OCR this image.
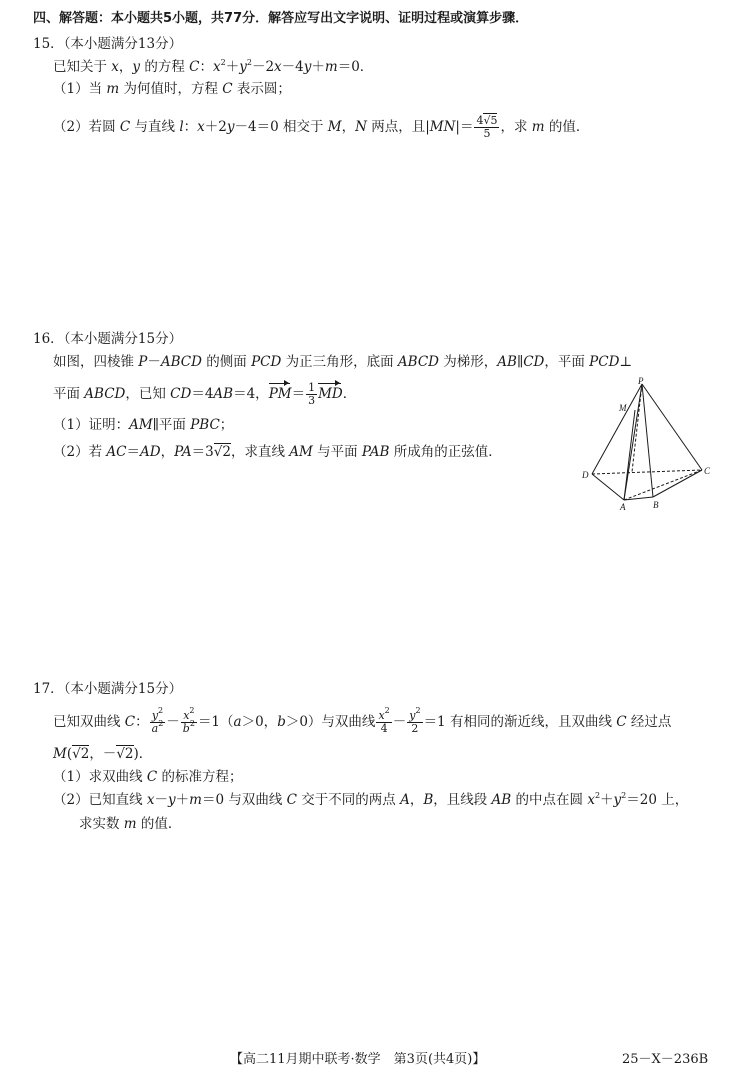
四、解答题：本小题共5小题，共77分．解答应写出文字说明、证明过程或演算步骤．
15．（本小题满分13分）
已知关于 x，y 的方程 C：$x^2+y^2-2x-4y+m=0$．
（1）当 m 为何值时，方程 C 表示圆；
（2）若圆 C 与直线 l：x＋2y－4＝0 相交于 M，N 两点，且$|MN|= \frac{4√5}{5}$ ，求 m 的值．
16．（本小题满分15分）
如图，四棱锥 P－ABCD 的侧面 PCD 为正三角形，底面 ABCD 为梯形，AB∥CD，平面 PCD⊥
平面 ABCD，已知 CD＝4AB＝4，$PM= \frac{1}{3}$ MD．
（1）证明：AM∥平面 PBC；
（2）若 AC＝AD，PA＝3√2，求直线 AM 与平面 PAB 所成角的正弦值．
P
M
D	C
A	B
17．（本小题满分15分）
已知双曲线 C： $\frac{y^2}{a^2} - \frac{x^2}{b^2} =1(a>0$，b＞0）与双曲线 $\frac{x^2}{4} - \frac{y^2}{2} =1$ 有相同的渐近线，且双曲线 C 经过点
M(√2，－√2)．
（1）求双曲线 C 的标准方程；
（2）已知直线 x－y＋m＝0 与双曲线 C 交于不同的两点 A，B，且线段 AB 的中点在圆 $x^2+y^2=20$ 上，
求实数 m 的值．
【高二11月期中联考·数学　第3页(共4页)】	25－X－236B
